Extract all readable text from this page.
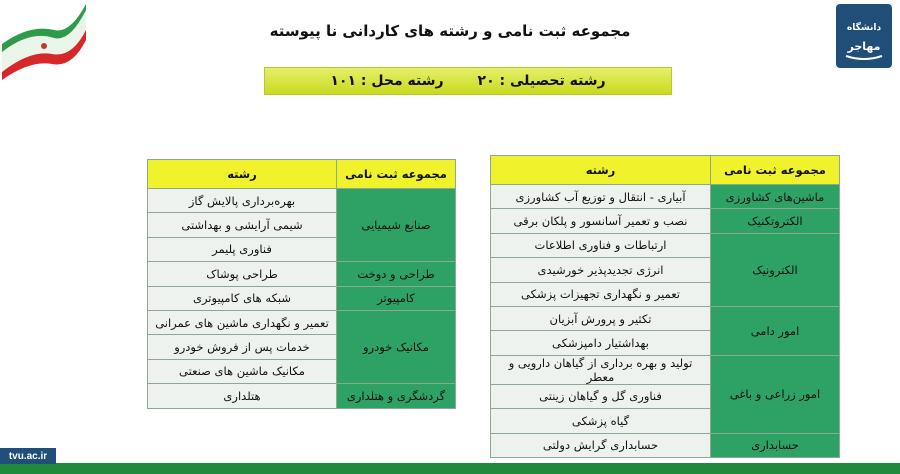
دانشگاه
مهاجر
مجموعه ثبت نامی و رشته های کاردانی نا پیوسته
رشته تحصیلی : ۲۰
رشته محل : ۱۰۱
مجموعه ثبت نامی	رشته
ماشین‌های کشاورزی	آبیاری - انتقال و توزیع آب کشاورزی
الکتروتکنیک	نصب و تعمیر آسانسور و پلکان برقی
الکترونیک	ارتباطات و فناوری اطلاعات
	انرژی تجدیدپذیر خورشیدی
	تعمیر و نگهداری تجهیزات پزشکی
امور دامی	تکثیر و پرورش آبزیان
	بهداشتیار دامپزشکی
امور زراعی و باغی	تولید و بهره برداری از گیاهان دارویی و معطر
	فناوری گل و گیاهان زینتی
	گیاه پزشکی
حسابداری	حسابداری گرایش دولتی
مجموعه ثبت نامی	رشته
صنایع شیمیایی	بهره‌برداری پالایش گاز
	شیمی آرایشی و بهداشتی
	فناوری پلیمر
طراحی و دوخت	طراحی پوشاک
کامپیوتر	شبکه های کامپیوتری
مکانیک خودرو	تعمیر و نگهداری ماشین های عمرانی
	خدمات پس از فروش خودرو
	مکانیک ماشین های صنعتی
گردشگری و هتلداری	هتلداری
tvu.ac.ir
